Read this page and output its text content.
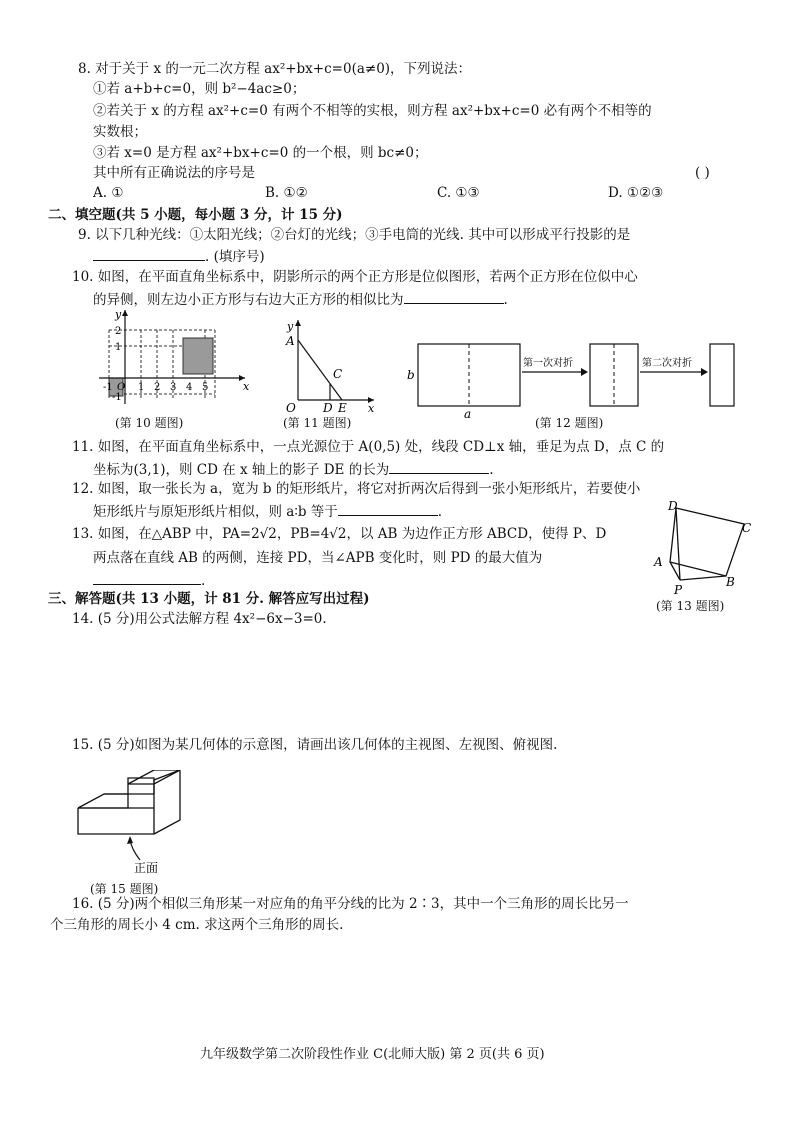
8. 对于关于 x 的一元二次方程 ax²+bx+c=0(a≠0)，下列说法：
①若 a+b+c=0，则 b²−4ac≥0；
②若关于 x 的方程 ax²+c=0 有两个不相等的实根，则方程 ax²+bx+c=0 必有两个不相等的
实数根；
③若 x=0 是方程 ax²+bx+c=0 的一个根，则 bc≠0；
其中所有正确说法的序号是	( )
A. ①	B. ①②	C. ①③	D. ①②③
二、填空题(共 5 小题，每小题 3 分，计 15 分)
9. 以下几种光线：①太阳光线；②台灯的光线；③手电筒的光线. 其中可以形成平行投影的是
. (填序号)
10. 如图，在平面直角坐标系中，阴影所示的两个正方形是位似图形，若两个正方形在位似中心
的异侧，则左边小正方形与右边大正方形的相似比为	.
y
x
2
1
-1
-1 O 1 2 3 4 5
(第 10 题图)
y
A
C
O D E x
(第 11 题图)
b
a
第一次对折	第二次对折
(第 12 题图)
11. 如图，在平面直角坐标系中，一点光源位于 A(0,5) 处，线段 CD⊥x 轴，垂足为点 D，点 C 的
坐标为(3,1)，则 CD 在 x 轴上的影子 DE 的长为	.
12. 如图，取一张长为 a，宽为 b 的矩形纸片，将它对折两次后得到一张小矩形纸片，若要使小
矩形纸片与原矩形纸片相似，则 a∶b 等于	.
13. 如图，在△ABP 中，PA=2√2，PB=4√2，以 AB 为边作正方形 ABCD，使得 P、D
两点落在直线 AB 的两侧，连接 PD，当∠APB 变化时，则 PD 的最大值为
.
D
C
A
B
P
(第 13 题图)
三、解答题(共 13 小题，计 81 分. 解答应写出过程)
14. (5 分)用公式法解方程 4x²−6x−3=0.
15. (5 分)如图为某几何体的示意图，请画出该几何体的主视图、左视图、俯视图.
正面
(第 15 题图)
16. (5 分)两个相似三角形某一对应角的角平分线的比为 2∶3，其中一个三角形的周长比另一
个三角形的周长小 4 cm. 求这两个三角形的周长.
九年级数学第二次阶段性作业 C(北师大版) 第 2 页(共 6 页)
